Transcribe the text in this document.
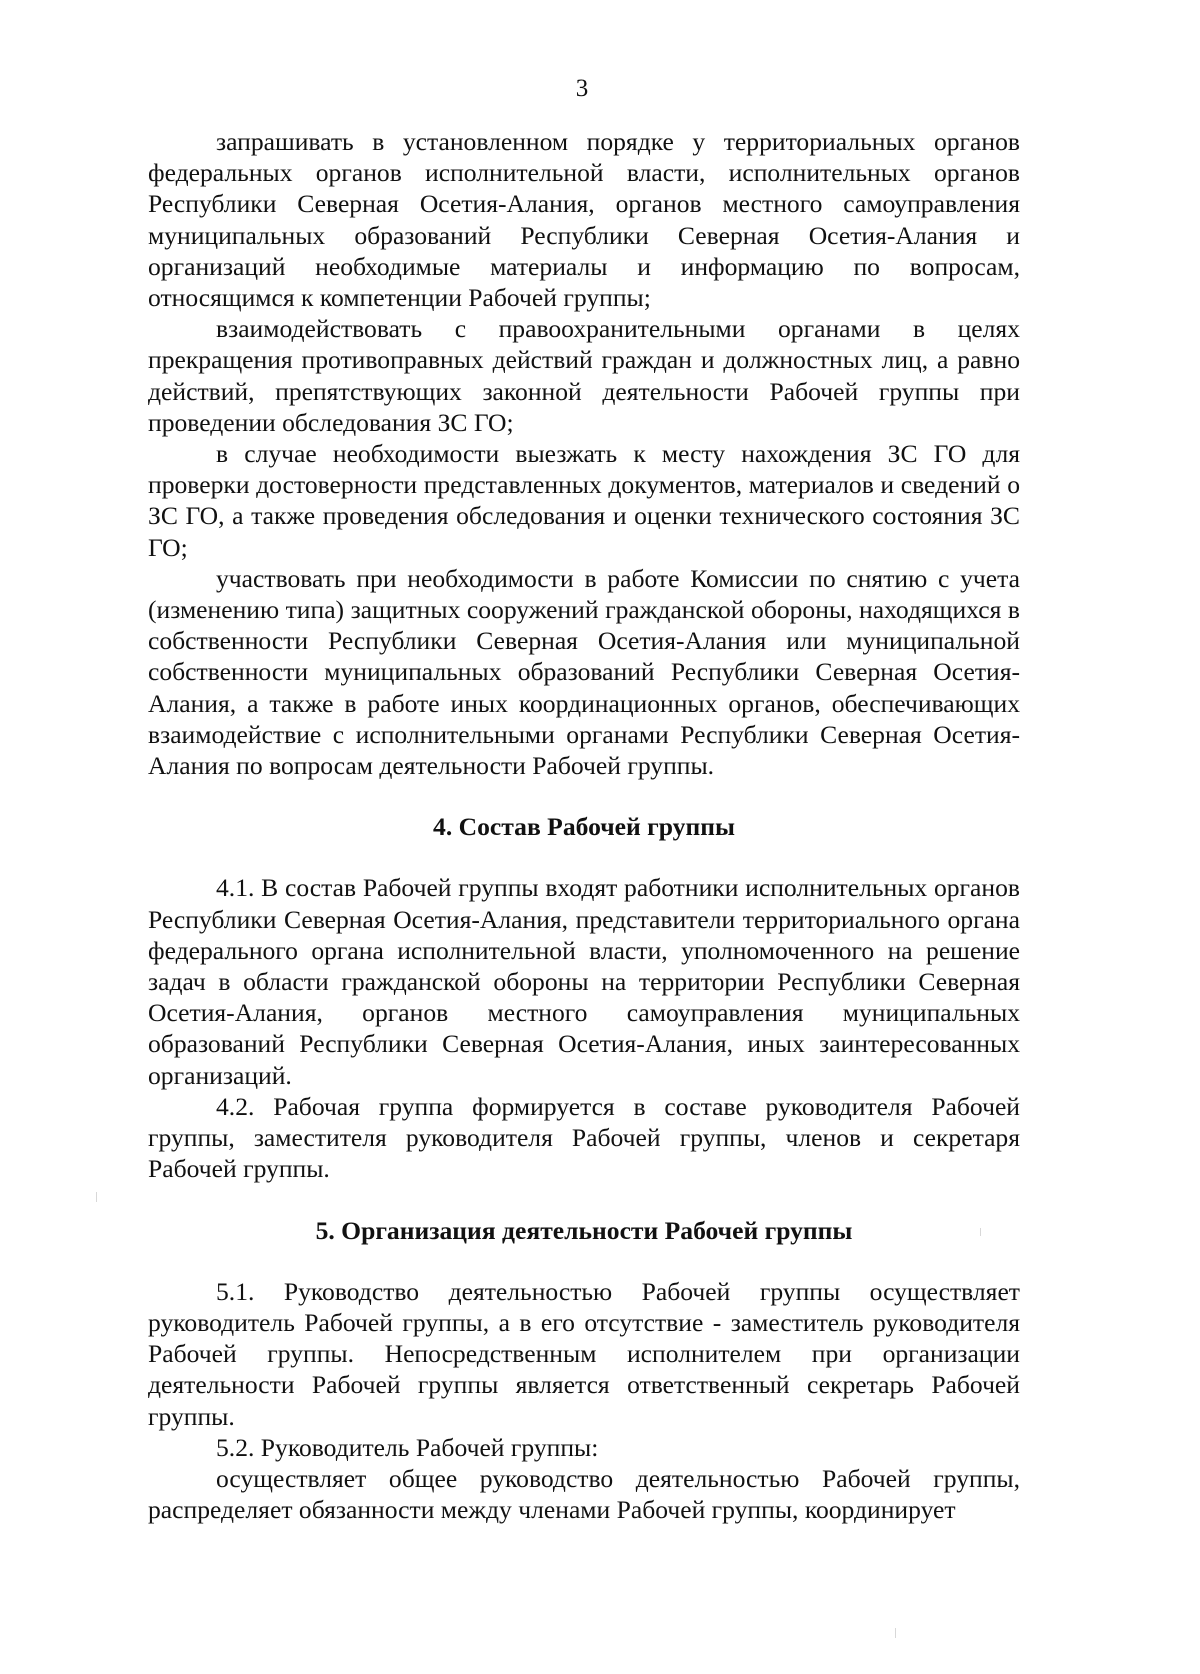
3

запрашивать в установленном порядке у территориальных органов федеральных органов исполнительной власти, исполнительных органов Республики Северная Осетия-Алания, органов местного самоуправления муниципальных образований Республики Северная Осетия-Алания и организаций необходимые материалы и информацию по вопросам, относящимся к компетенции Рабочей группы;

взаимодействовать с правоохранительными органами в целях прекращения противоправных действий граждан и должностных лиц, а равно действий, препятствующих законной деятельности Рабочей группы при проведении обследования ЗС ГО;

в случае необходимости выезжать к месту нахождения ЗС ГО для проверки достоверности представленных документов, материалов и сведений о ЗС ГО, а также проведения обследования и оценки технического состояния ЗС ГО;

участвовать при необходимости в работе Комиссии по снятию с учета (изменению типа) защитных сооружений гражданской обороны, находящихся в собственности Республики Северная Осетия-Алания или муниципальной собственности муниципальных образований Республики Северная Осетия-Алания, а также в работе иных координационных органов, обеспечивающих взаимодействие с исполнительными органами Республики Северная Осетия-Алания по вопросам деятельности Рабочей группы.

4. Состав Рабочей группы

4.1. В состав Рабочей группы входят работники исполнительных органов Республики Северная Осетия-Алания, представители территориального органа федерального органа исполнительной власти, уполномоченного на решение задач в области гражданской обороны на территории Республики Северная Осетия-Алания, органов местного самоуправления муниципальных образований Республики Северная Осетия-Алания, иных заинтересованных организаций.

4.2. Рабочая группа формируется в составе руководителя Рабочей группы, заместителя руководителя Рабочей группы, членов и секретаря Рабочей группы.

5. Организация деятельности Рабочей группы

5.1. Руководство деятельностью Рабочей группы осуществляет руководитель Рабочей группы, а в его отсутствие - заместитель руководителя Рабочей группы. Непосредственным исполнителем при организации деятельности Рабочей группы является ответственный секретарь Рабочей группы.

5.2. Руководитель Рабочей группы:

осуществляет общее руководство деятельностью Рабочей группы, распределяет обязанности между членами Рабочей группы, координирует
